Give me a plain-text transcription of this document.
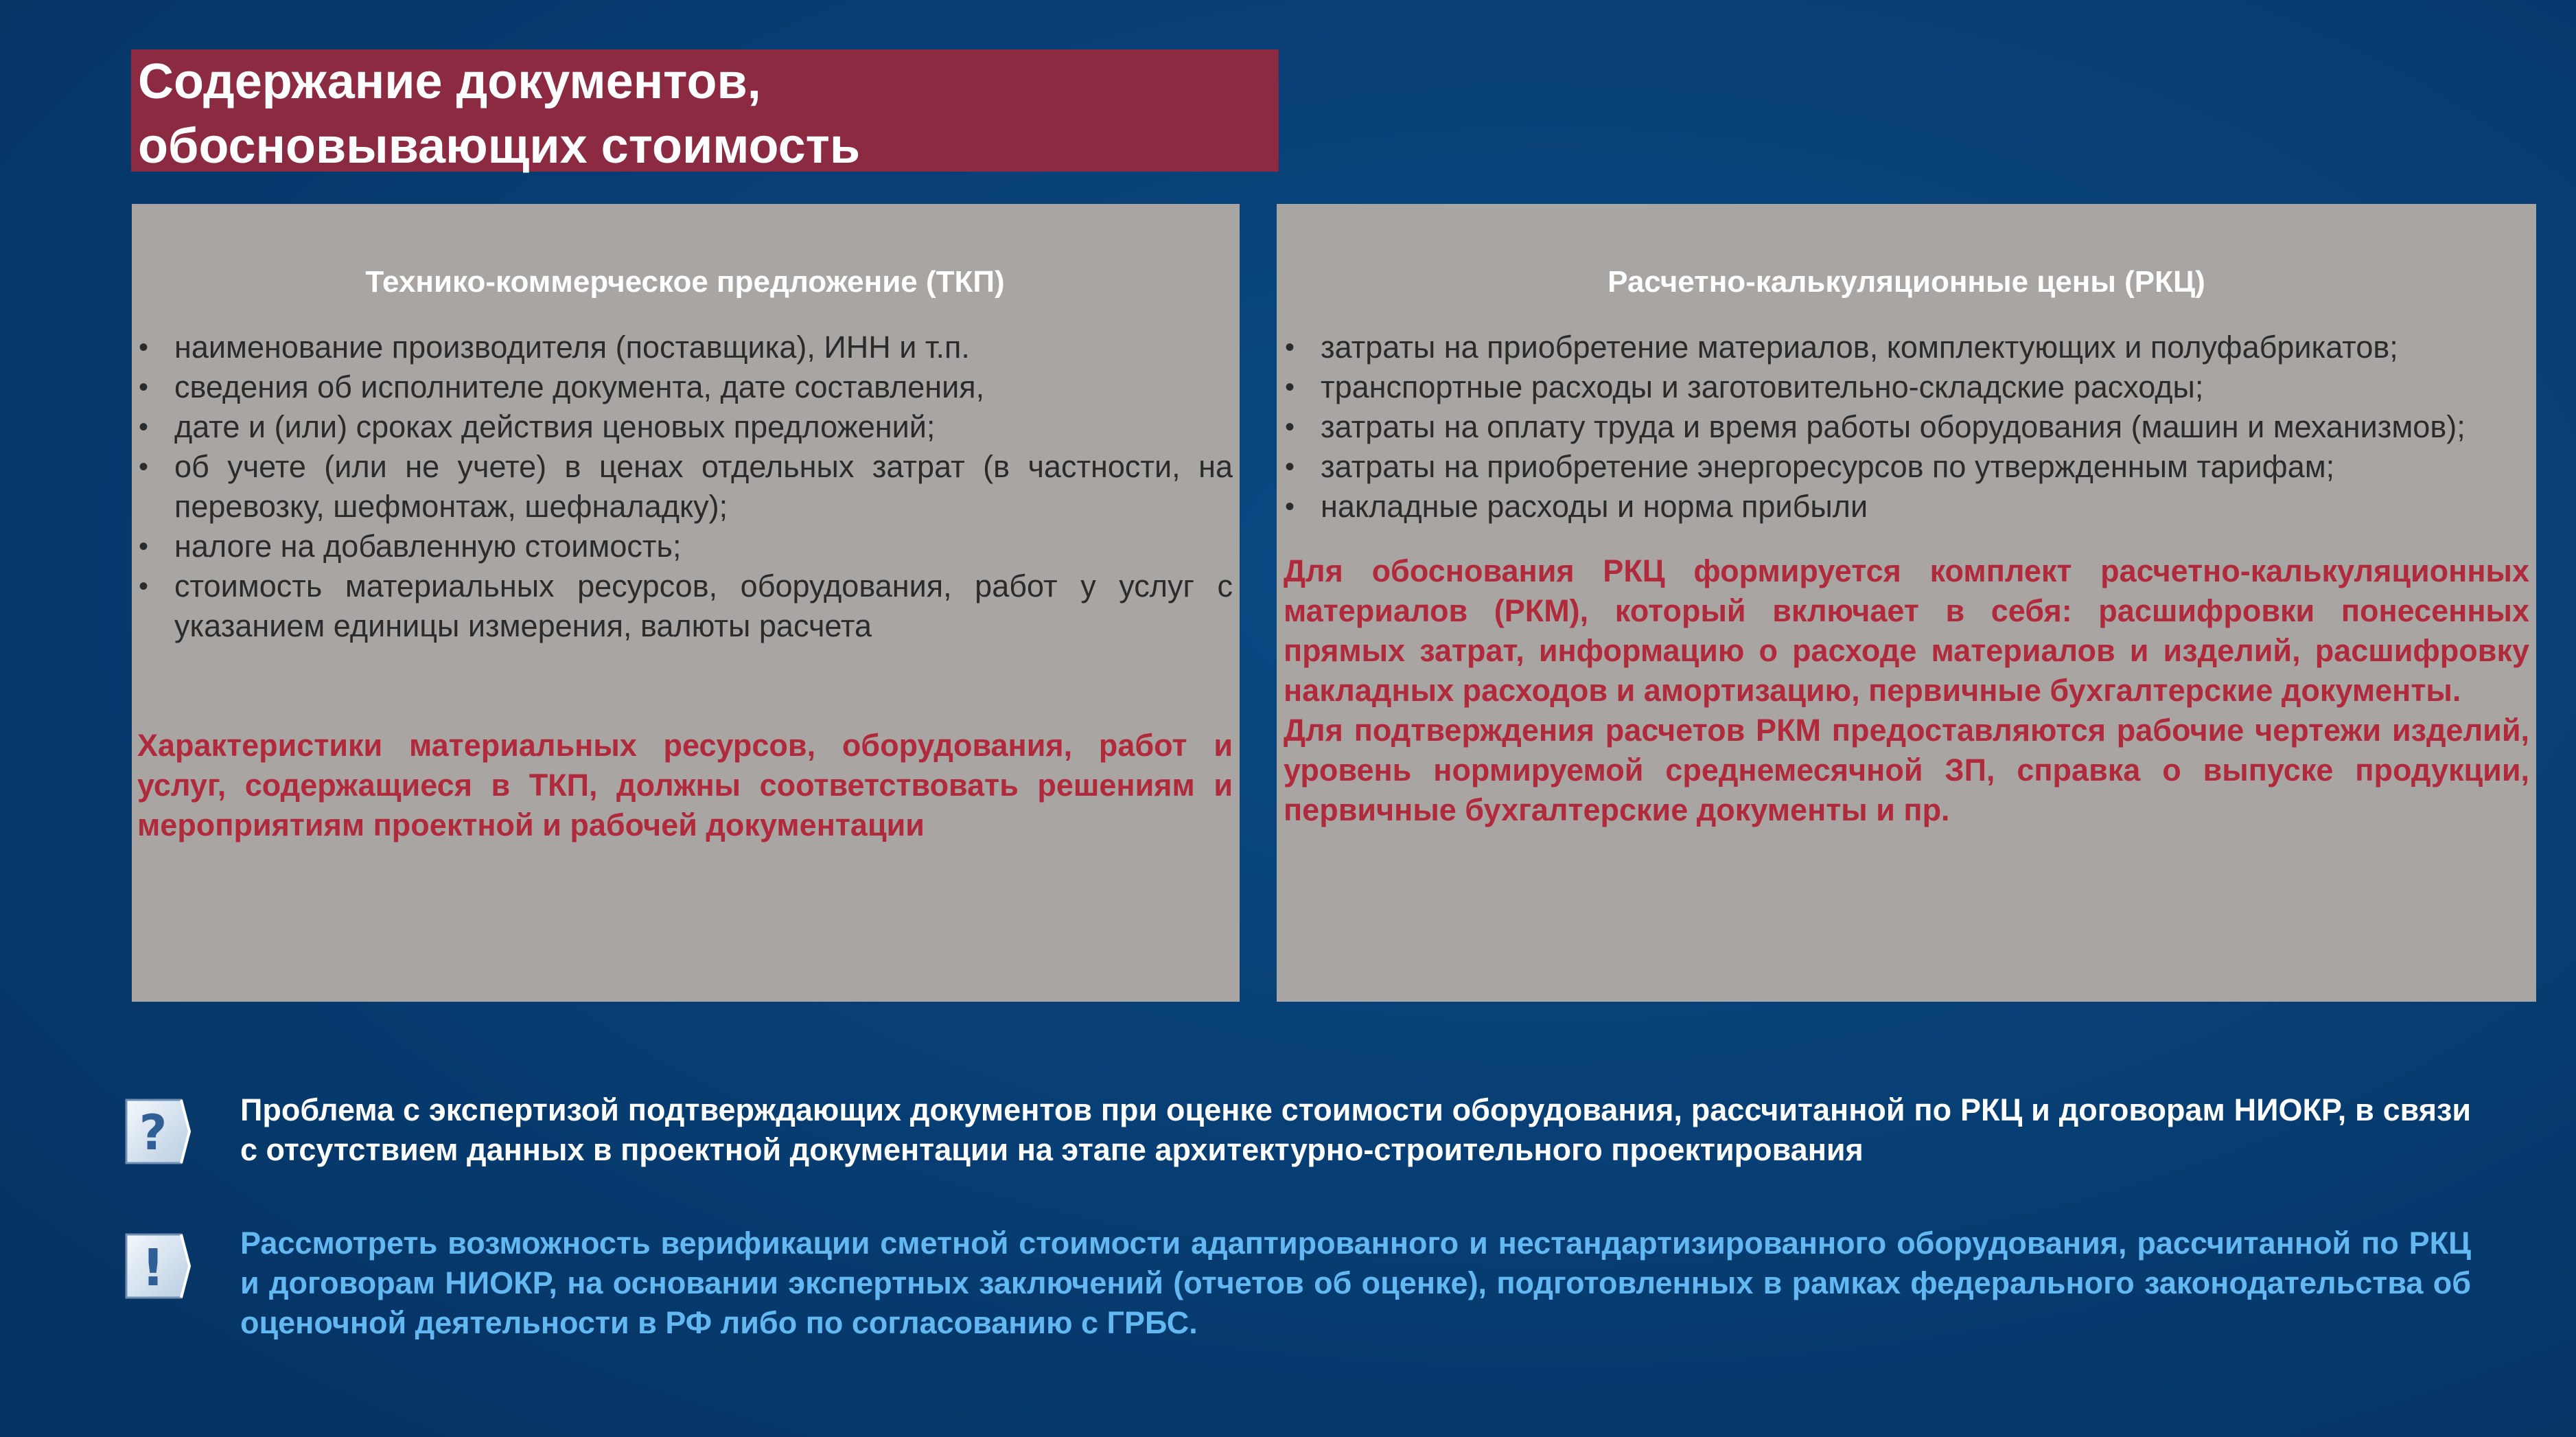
Содержание документов,
обосновывающих стоимость
Технико-коммерческое предложение (ТКП)
• наименование производителя (поставщика), ИНН и т.п.
• сведения об исполнителе документа, дате составления,
• дате и (или) сроках действия ценовых предложений;
• об учете (или не учете) в ценах отдельных затрат (в частности, на перевозку, шефмонтаж, шефналадку);
• налоге на добавленную стоимость;
• стоимость материальных ресурсов, оборудования, работ у услуг с указанием единицы измерения, валюты расчета

Характеристики материальных ресурсов, оборудования, работ и услуг, содержащиеся в ТКП, должны соответствовать решениям и мероприятиям проектной и рабочей документации

Расчетно-калькуляционные цены (РКЦ)
• затраты на приобретение материалов, комплектующих и полуфабрикатов;
• транспортные расходы и заготовительно-складские расходы;
• затраты на оплату труда и время работы оборудования (машин и механизмов);
• затраты на приобретение энергоресурсов по утвержденным тарифам;
• накладные расходы и норма прибыли

Для обоснования РКЦ формируется комплект расчетно-калькуляционных материалов (РКМ), который включает в себя: расшифровки понесенных прямых затрат, информацию о расходе материалов и изделий, расшифровку накладных расходов и амортизацию, первичные бухгалтерские документы.

Для подтверждения расчетов РКМ предоставляются рабочие чертежи изделий, уровень нормируемой среднемесячной ЗП, справка о выпуске продукции, первичные бухгалтерские документы и пр.

? Проблема с экспертизой подтверждающих документов при оценке стоимости оборудования, рассчитанной по РКЦ и договорам НИОКР, в связи с отсутствием данных в проектной документации на этапе архитектурно-строительного проектирования
! Рассмотреть возможность верификации сметной стоимости адаптированного и нестандартизированного оборудования, рассчитанной по РКЦ и договорам НИОКР, на основании экспертных заключений (отчетов об оценке), подготовленных в рамках федерального законодательства об оценочной деятельности в РФ либо по согласованию с ГРБС.
